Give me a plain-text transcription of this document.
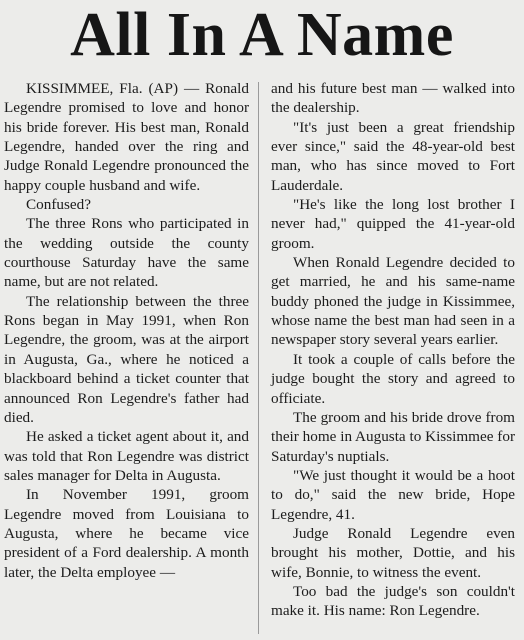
All In A Name

KISSIMMEE, Fla. (AP) — Ronald Legendre promised to love and honor his bride forever. His best man, Ronald Legendre, handed over the ring and Judge Ronald Legendre pronounced the happy couple husband and wife.

Confused?

The three Rons who participated in the wedding outside the county courthouse Saturday have the same name, but are not related.

The relationship between the three Rons began in May 1991, when Ron Legendre, the groom, was at the airport in Augusta, Ga., where he noticed a blackboard behind a ticket counter that announced Ron Legendre's father had died.

He asked a ticket agent about it, and was told that Ron Legendre was district sales manager for Delta in Augusta.

In November 1991, groom Legendre moved from Louisiana to Augusta, where he became vice president of a Ford dealership. A month later, the Delta employee —

and his future best man — walked into the dealership.

"It's just been a great friendship ever since," said the 48-year-old best man, who has since moved to Fort Lauderdale.

"He's like the long lost brother I never had," quipped the 41-year-old groom.

When Ronald Legendre decided to get married, he and his same-name buddy phoned the judge in Kissimmee, whose name the best man had seen in a newspaper story several years earlier.

It took a couple of calls before the judge bought the story and agreed to officiate.

The groom and his bride drove from their home in Augusta to Kissimmee for Saturday's nuptials.

"We just thought it would be a hoot to do," said the new bride, Hope Legendre, 41.

Judge Ronald Legendre even brought his mother, Dottie, and his wife, Bonnie, to witness the event.

Too bad the judge's son couldn't make it. His name: Ron Legendre.
